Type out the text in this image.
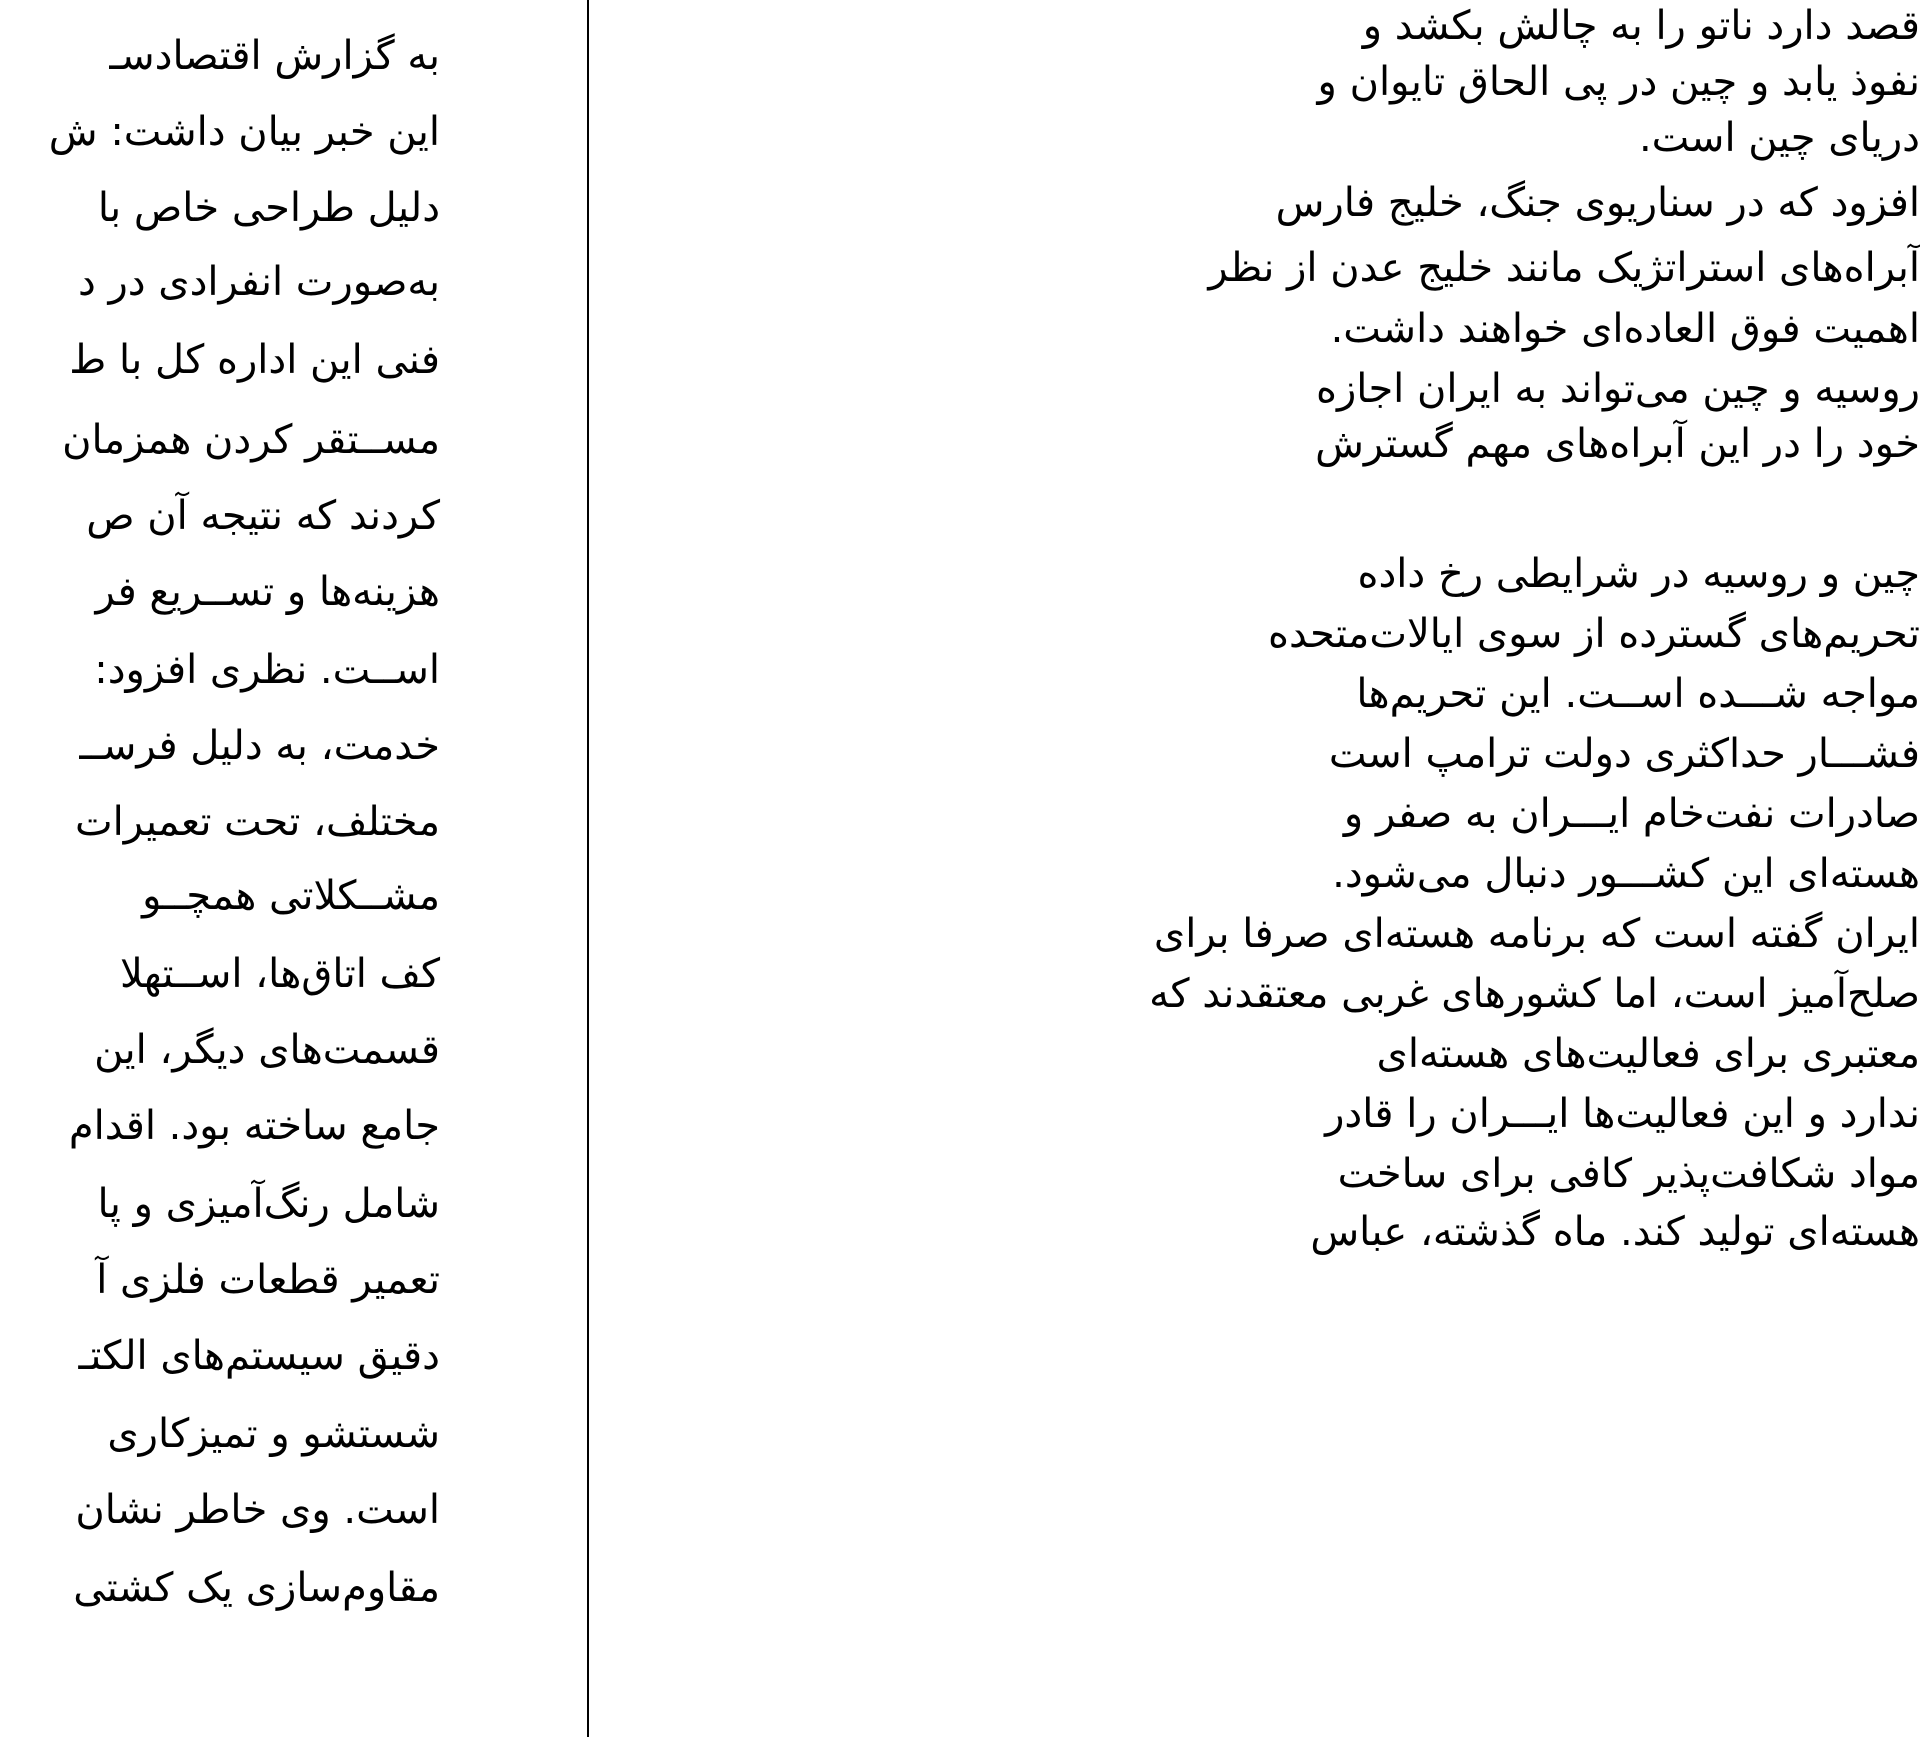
قصد دارد ناتو را به چالش بکشد و
نفوذ یابد و چین در پی الحاق تایوان و
دریای چین است.
افزود که در سناریوی جنگ، خلیج فارس
آبراه‌های استراتژیک مانند خلیج عدن از نظر
اهمیت فوق العاده‌ای خواهند داشت.
روسیه و چین می‌تواند به ایران اجازه
خود را در این آبراه‌های مهم گسترش
چین و روسیه در شرایطی رخ داده
تحریم‌های گسترده از سوی ایالات‌متحده
مواجه شـــده اســت. این تحریم‌ها
فشـــار حداکثری دولت ترامپ است
صادرات نفت‌خام ایـــران به صفر و
هسته‌ای این کشـــور دنبال می‌شود.
ایران گفته است که برنامه هسته‌ای صرفا برای
صلح‌آمیز است، اما کشورهای غربی معتقدند که
معتبری برای فعالیت‌های هسته‌ای
ندارد و این فعالیت‌ها ایـــران را قادر
مواد شکافت‌پذیر کافی برای ساخت
هسته‌ای تولید کند. ماه گذشته، عباس
به گزارش اقتصادسـ
این خبر بیان داشت: ش
دلیل طراحی خاص با
به‌صورت انفرادی در د
فنی این اداره کل با ط
مســتقر کردن همزمان
کردند که نتیجه آن ص
هزینه‌ها و تســریع فر
اســت. نظری افزود:
خدمت، به دلیل فرســ
مختلف، تحت تعمیرات
مشــکلاتی همچــو
کف اتاق‌ها، اســتهلا
قسمت‌های دیگر، این
جامع ساخته بود. اقدام
شامل رنگ‌آمیزی و پا
تعمیر قطعات فلزی آ
دقیق سیستم‌های الکتـ
شستشو و تمیزکاری
است. وی خاطر نشان
مقاوم‌سازی یک کشتی
